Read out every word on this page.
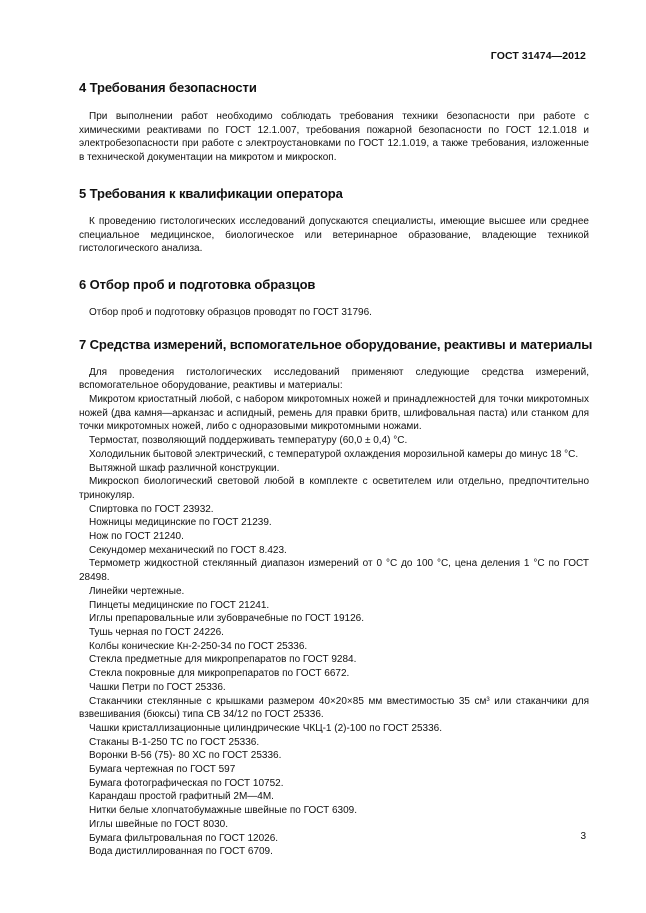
ГОСТ 31474—2012
4 Требования безопасности

При выполнении работ необходимо соблюдать требования техники безопасности при работе с химическими реактивами по ГОСТ 12.1.007, требования пожарной безопасности по ГОСТ 12.1.018 и электробезопасности при работе с электроустановками по ГОСТ 12.1.019, а также требования, изложенные в технической документации на микротом и микроскоп.

5 Требования к квалификации оператора

К проведению гистологических исследований допускаются специалисты, имеющие высшее или среднее специальное медицинское, биологическое или ветеринарное образование, владеющие техникой гистологического анализа.

6 Отбор проб и подготовка образцов

Отбор проб и подготовку образцов проводят по ГОСТ 31796.

7 Средства измерений, вспомогательное оборудование, реактивы и материалы

Для проведения гистологических исследований применяют следующие средства измерений, вспомогательное оборудование, реактивы и материалы:

Микротом криостатный любой, с набором микротомных ножей и принадлежностей для точки микротомных ножей (два камня—арканзас и аспидный, ремень для правки бритв, шлифовальная паста) или станком для точки микротомных ножей, либо с одноразовыми микротомными ножами.

Термостат, позволяющий поддерживать температуру (60,0 ± 0,4) °С.

Холодильник бытовой электрический, с температурой охлаждения морозильной камеры до минус 18 °С.

Вытяжной шкаф различной конструкции.

Микроскоп биологический световой любой в комплекте с осветителем или отдельно, предпочтительно тринокуляр.

Спиртовка по ГОСТ 23932.

Ножницы медицинские по ГОСТ 21239.

Нож по ГОСТ 21240.

Секундомер механический по ГОСТ 8.423.

Термометр жидкостной стеклянный диапазон измерений от 0 °С до 100 °С, цена деления 1 °С по ГОСТ 28498.

Линейки чертежные.

Пинцеты медицинские по ГОСТ 21241.

Иглы препаровальные или зубоврачебные по ГОСТ 19126.

Тушь черная по ГОСТ 24226.

Колбы конические Кн-2-250-34 по ГОСТ 25336.

Стекла предметные для микропрепаратов по ГОСТ 9284.

Стекла покровные для микропрепаратов по ГОСТ 6672.

Чашки Петри по ГОСТ 25336.

Стаканчики стеклянные с крышками размером 40×20×85 мм вместимостью 35 $см^3$ или стаканчики для взвешивания (бюксы) типа СВ 34/12 по ГОСТ 25336.

Чашки кристаллизационные цилиндрические ЧКЦ-1 (2)-100 по ГОСТ 25336.

Стаканы В-1-250 ТС по ГОСТ 25336.

Воронки В-56 (75)- 80 ХС по ГОСТ 25336.

Бумага чертежная по ГОСТ 597

Бумага фотографическая по ГОСТ 10752.

Карандаш простой графитный 2М—4М.

Нитки белые хлопчатобумажные швейные по ГОСТ 6309.

Иглы швейные по ГОСТ 8030.

Бумага фильтровальная по ГОСТ 12026.

Вода дистиллированная по ГОСТ 6709.

3
